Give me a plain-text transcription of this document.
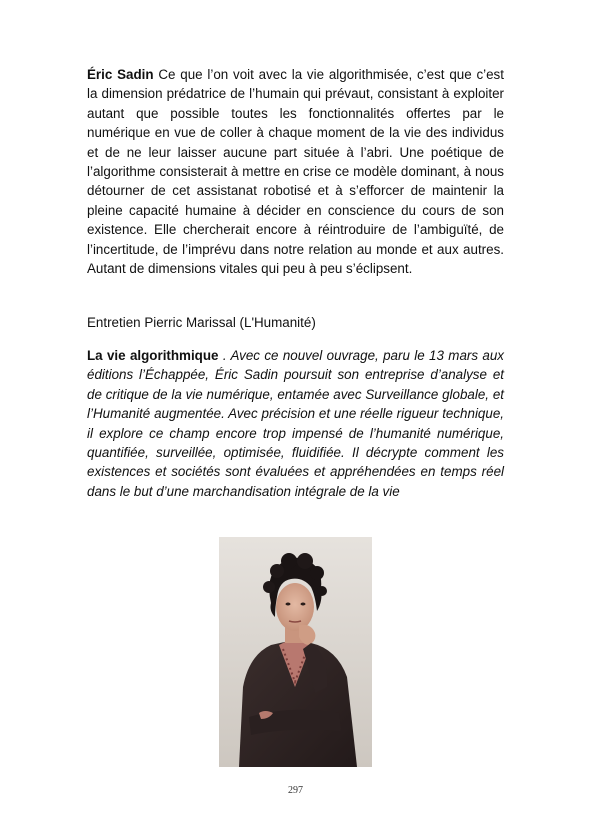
Éric Sadin Ce que l’on voit avec la vie algorithmisée, c’est que c’est la dimension prédatrice de l’humain qui prévaut, consistant à exploiter autant que possible toutes les fonctionnalités offertes par le numérique en vue de coller à chaque moment de la vie des individus et de ne leur laisser aucune part située à l’abri. Une poétique de l’algorithme consisterait à mettre en crise ce modèle dominant, à nous détourner de cet assistanat robotisé et à s’efforcer de maintenir la pleine capacité humaine à décider en conscience du cours de son existence. Elle chercherait encore à réintroduire de l’ambiguïté, de l’incertitude, de l’imprévu dans notre relation au monde et aux autres. Autant de dimensions vitales qui peu à peu s’éclipsent.
Entretien Pierric Marissal (L'Humanité)
La vie algorithmique . Avec ce nouvel ouvrage, paru le 13 mars aux éditions l’Échappée, Éric Sadin poursuit son entreprise d’analyse et de critique de la vie numérique, entamée avec Surveillance globale, et l’Humanité augmentée. Avec précision et une réelle rigueur technique, il explore ce champ encore trop impensé de l’humanité numérique, quantifiée, surveillée, optimisée, fluidifiée. Il décrypte comment les existences et sociétés sont évaluées et appréhendées en temps réel dans le but d’une marchandisation intégrale de la vie
297
